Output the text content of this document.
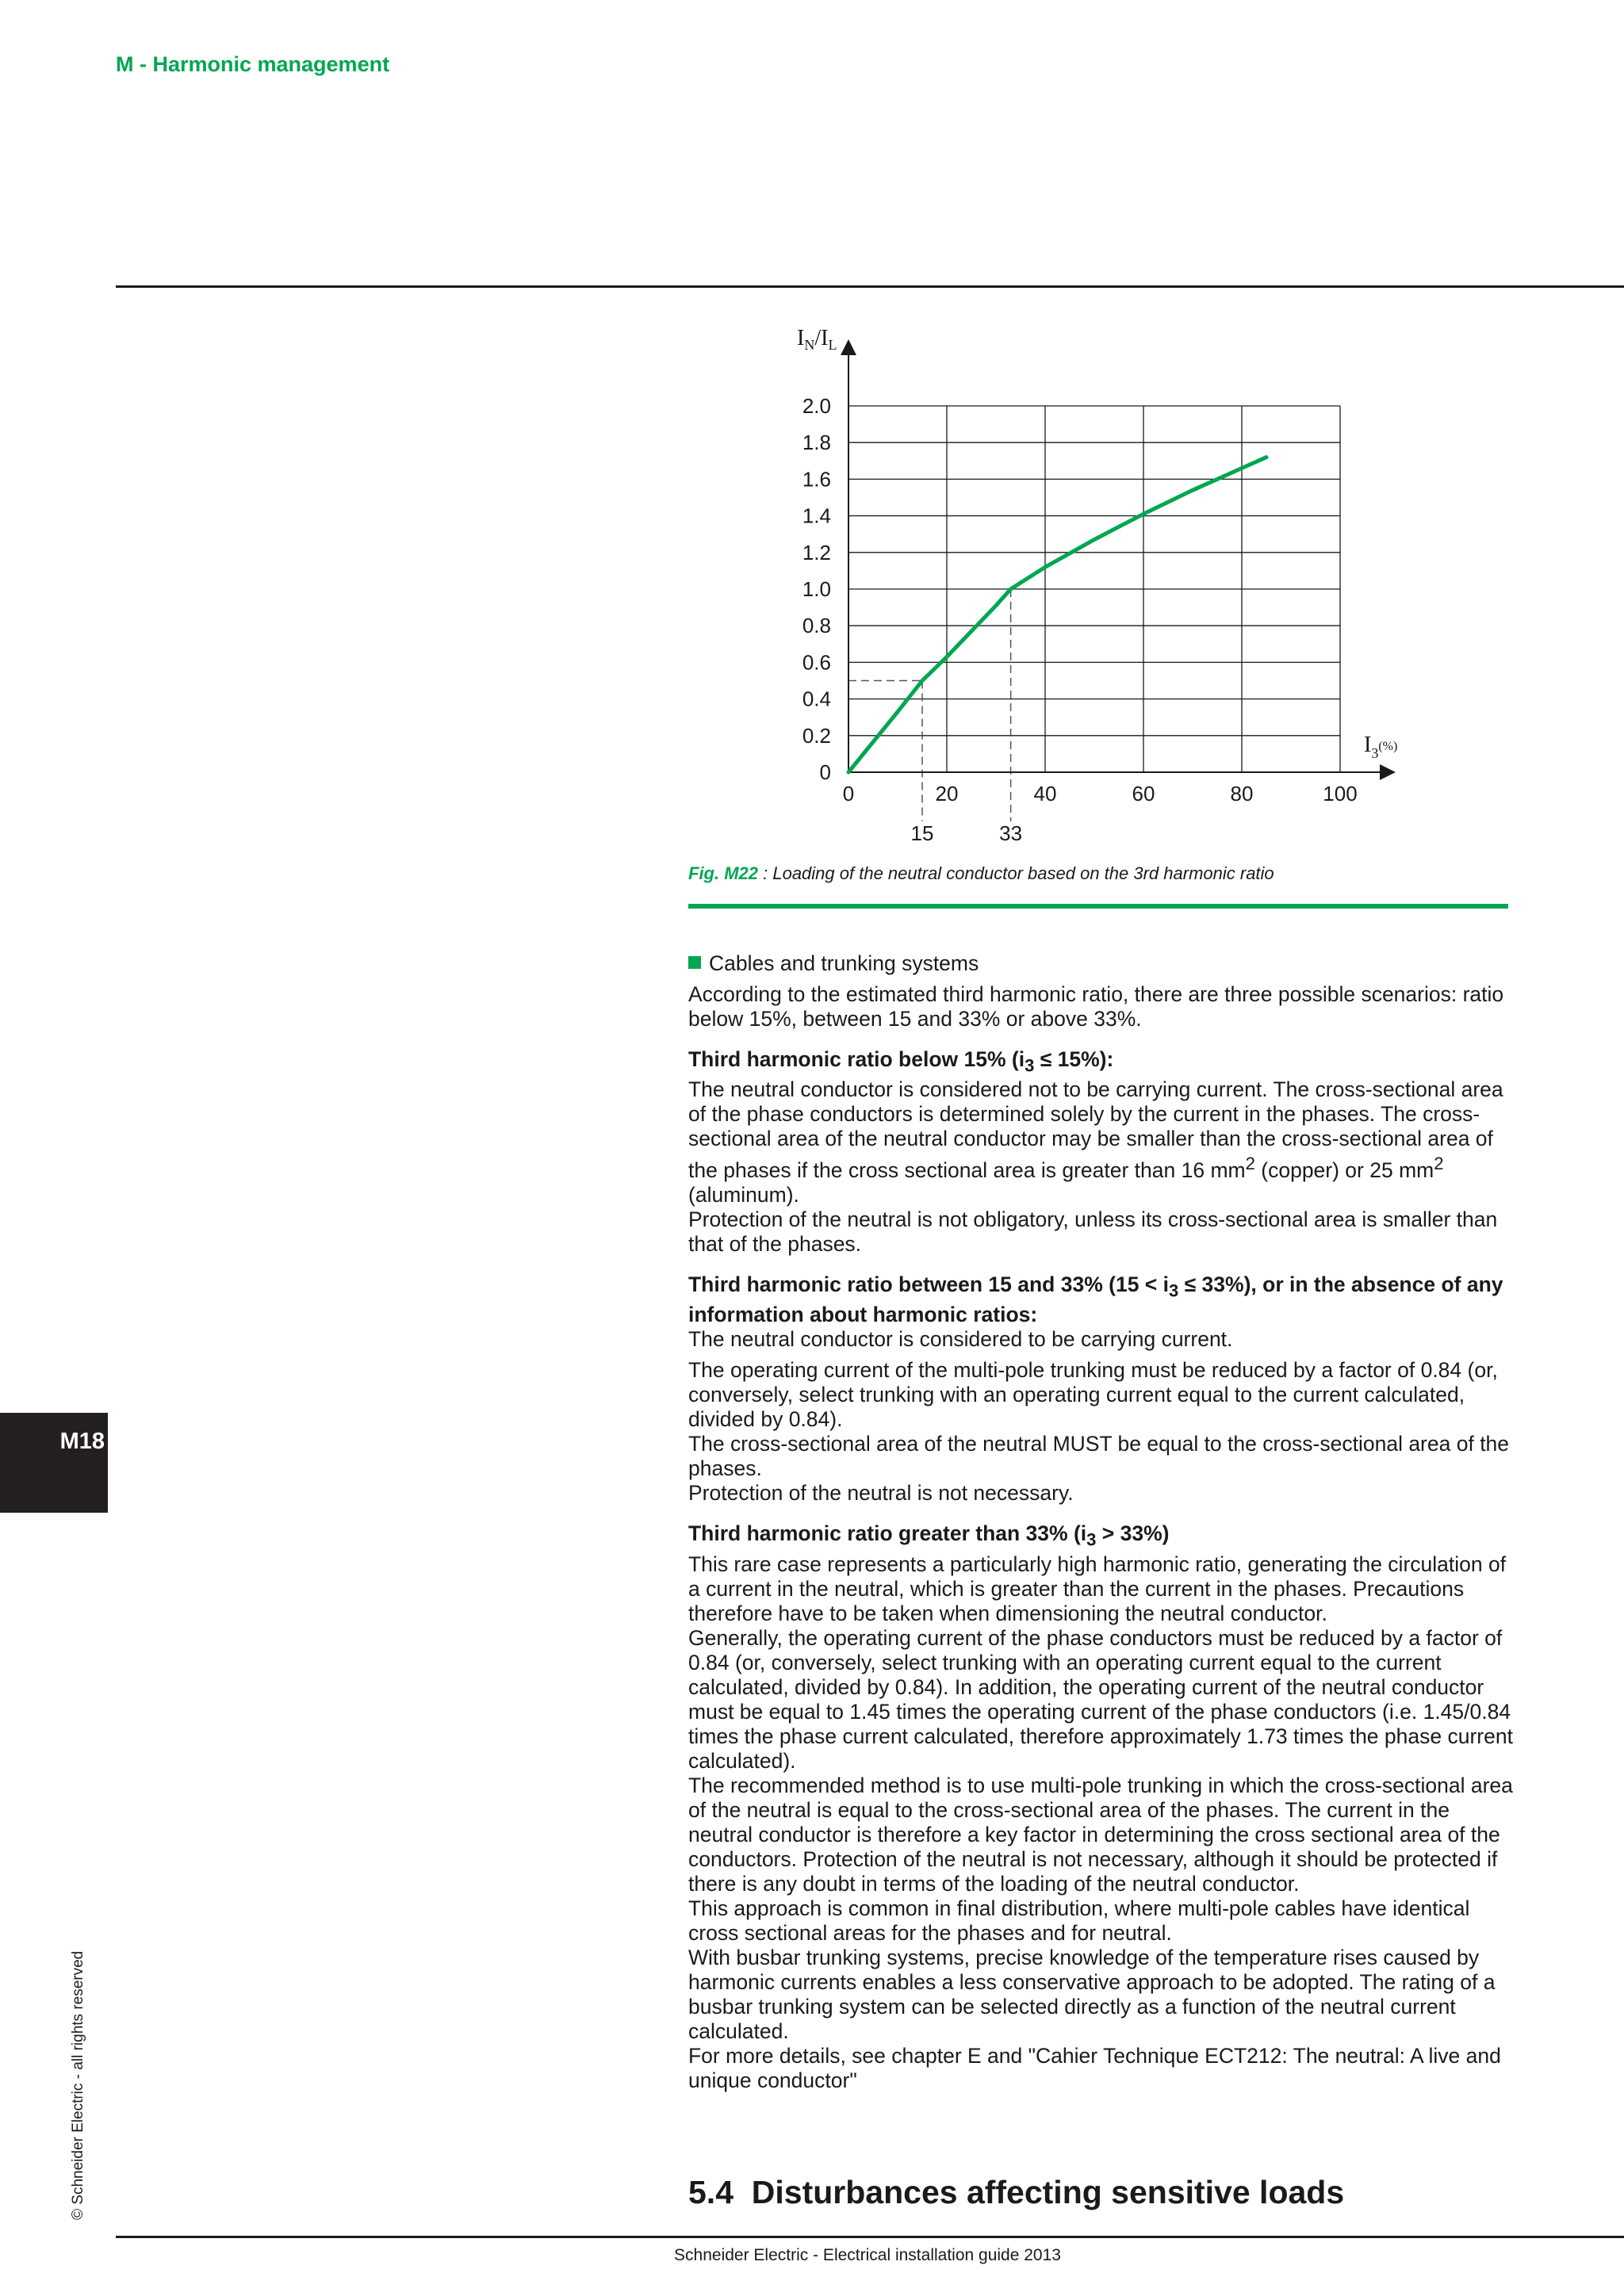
M - Harmonic management
M18
© Schneider Electric - all rights reserved
0
0.2
0.4
0.6
0.8
1.0
1.2
1.4
1.6
1.8
2.0
0	20	40	60	80	100
15	33
$I_N/I_L$
$I_3^{(\%)}$
Fig. M22 : Loading of the neutral conductor based on the 3rd harmonic ratio
Cables and trunking systems

According to the estimated third harmonic ratio, there are three possible scenarios: ratio below 15%, between 15 and 33% or above 33%.

Third harmonic ratio below 15% $(i_3 \le 15\%)$:

The neutral conductor is considered not to be carrying current. The cross-sectional area of the phase conductors is determined solely by the current in the phases. The cross-sectional area of the neutral conductor may be smaller than the cross-sectional area of the phases if the cross sectional area is greater than 16 $mm^2$ (copper) or 25 $mm^2$ (aluminum).

Protection of the neutral is not obligatory, unless its cross-sectional area is smaller than that of the phases.

Third harmonic ratio between 15 and 33% $(15 < i_3 \le 33\%)$, or in the absence of any information about harmonic ratios:

The neutral conductor is considered to be carrying current.

The operating current of the multi-pole trunking must be reduced by a factor of 0.84 (or, conversely, select trunking with an operating current equal to the current calculated, divided by 0.84).

The cross-sectional area of the neutral MUST be equal to the cross-sectional area of the phases.

Protection of the neutral is not necessary.

Third harmonic ratio greater than 33% $(i_3 > 33\%)$

This rare case represents a particularly high harmonic ratio, generating the circulation of a current in the neutral, which is greater than the current in the phases. Precautions therefore have to be taken when dimensioning the neutral conductor.

Generally, the operating current of the phase conductors must be reduced by a factor of 0.84 (or, conversely, select trunking with an operating current equal to the current calculated, divided by 0.84). In addition, the operating current of the neutral conductor must be equal to 1.45 times the operating current of the phase conductors (i.e. 1.45/0.84 times the phase current calculated, therefore approximately 1.73 times the phase current calculated).

The recommended method is to use multi-pole trunking in which the cross-sectional area of the neutral is equal to the cross-sectional area of the phases. The current in the neutral conductor is therefore a key factor in determining the cross sectional area of the conductors. Protection of the neutral is not necessary, although it should be protected if there is any doubt in terms of the loading of the neutral conductor.

This approach is common in final distribution, where multi-pole cables have identical cross sectional areas for the phases and for neutral.

With busbar trunking systems, precise knowledge of the temperature rises caused by harmonic currents enables a less conservative approach to be adopted. The rating of a busbar trunking system can be selected directly as a function of the neutral current calculated.

For more details, see chapter E and "Cahier Technique ECT212: The neutral: A live and unique conductor"

5.4 Disturbances affecting sensitive loads
Schneider Electric - Electrical installation guide 2013
